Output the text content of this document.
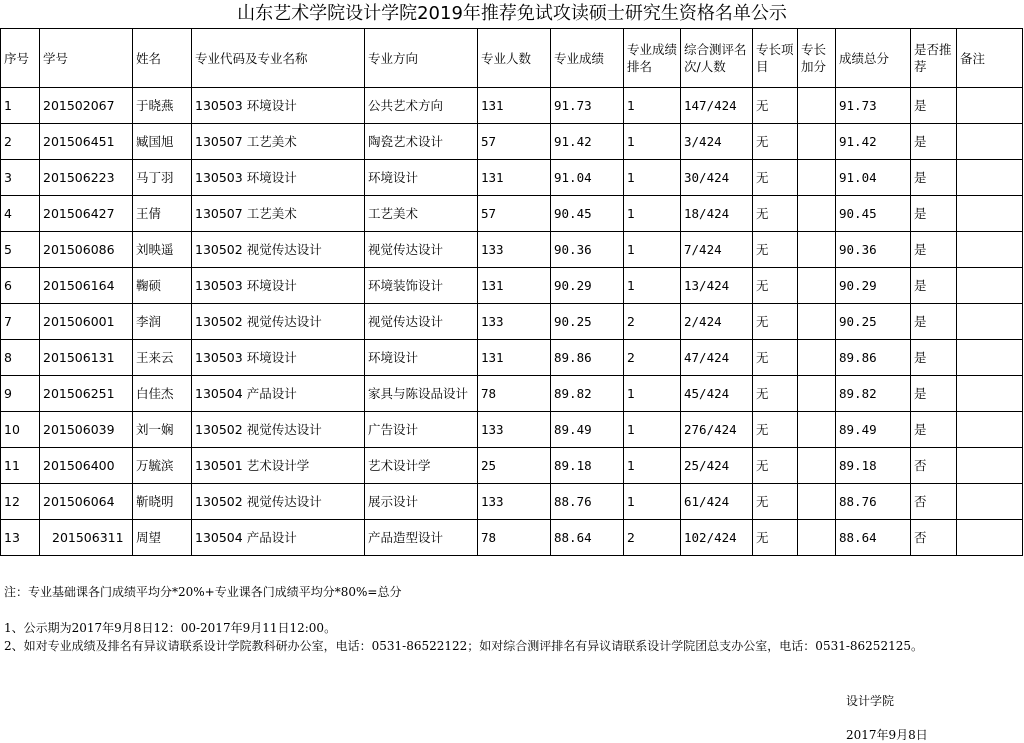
山东艺术学院设计学院2019年推荐免试攻读硕士研究生资格名单公示
序号	学号	姓名	专业代码及专业名称	专业方向	专业人数	专业成绩	专业成绩排名	综合测评名次/人数	专长项目	专长加分	成绩总分	是否推荐	备注
1	201502067	于晓燕	130503 环境设计	公共艺术方向	131	91.73	1	147/424	无		91.73	是	
2	201506451	臧国旭	130507 工艺美术	陶瓷艺术设计	57	91.42	1	3/424	无		91.42	是	
3	201506223	马丁羽	130503 环境设计	环境设计	131	91.04	1	30/424	无		91.04	是	
4	201506427	王倩	130507 工艺美术	工艺美术	57	90.45	1	18/424	无		90.45	是	
5	201506086	刘映遥	130502 视觉传达设计	视觉传达设计	133	90.36	1	7/424	无		90.36	是	
6	201506164	鞠硕	130503 环境设计	环境装饰设计	131	90.29	1	13/424	无		90.29	是	
7	201506001	李润	130502 视觉传达设计	视觉传达设计	133	90.25	2	2/424	无		90.25	是	
8	201506131	王来云	130503 环境设计	环境设计	131	89.86	2	47/424	无		89.86	是	
9	201506251	白佳杰	130504 产品设计	家具与陈设品设计	78	89.82	1	45/424	无		89.82	是	
10	201506039	刘一娴	130502 视觉传达设计	广告设计	133	89.49	1	276/424	无		89.49	是	
11	201506400	万毓滨	130501 艺术设计学	艺术设计学	25	89.18	1	25/424	无		89.18	否	
12	201506064	靳晓明	130502 视觉传达设计	展示设计	133	88.76	1	61/424	无		88.76	否	
13	201506311	周望	130504 产品设计	产品造型设计	78	88.64	2	102/424	无		88.64	否	
注：专业基础课各门成绩平均分*20%+专业课各门成绩平均分*80%=总分
1、公示期为2017年9月8日12：00-2017年9月11日12:00。
2、如对专业成绩及排名有异议请联系设计学院教科研办公室，电话：0531-86522122；如对综合测评排名有异议请联系设计学院团总支办公室，电话：0531-86252125。
设计学院
2017年9月8日
